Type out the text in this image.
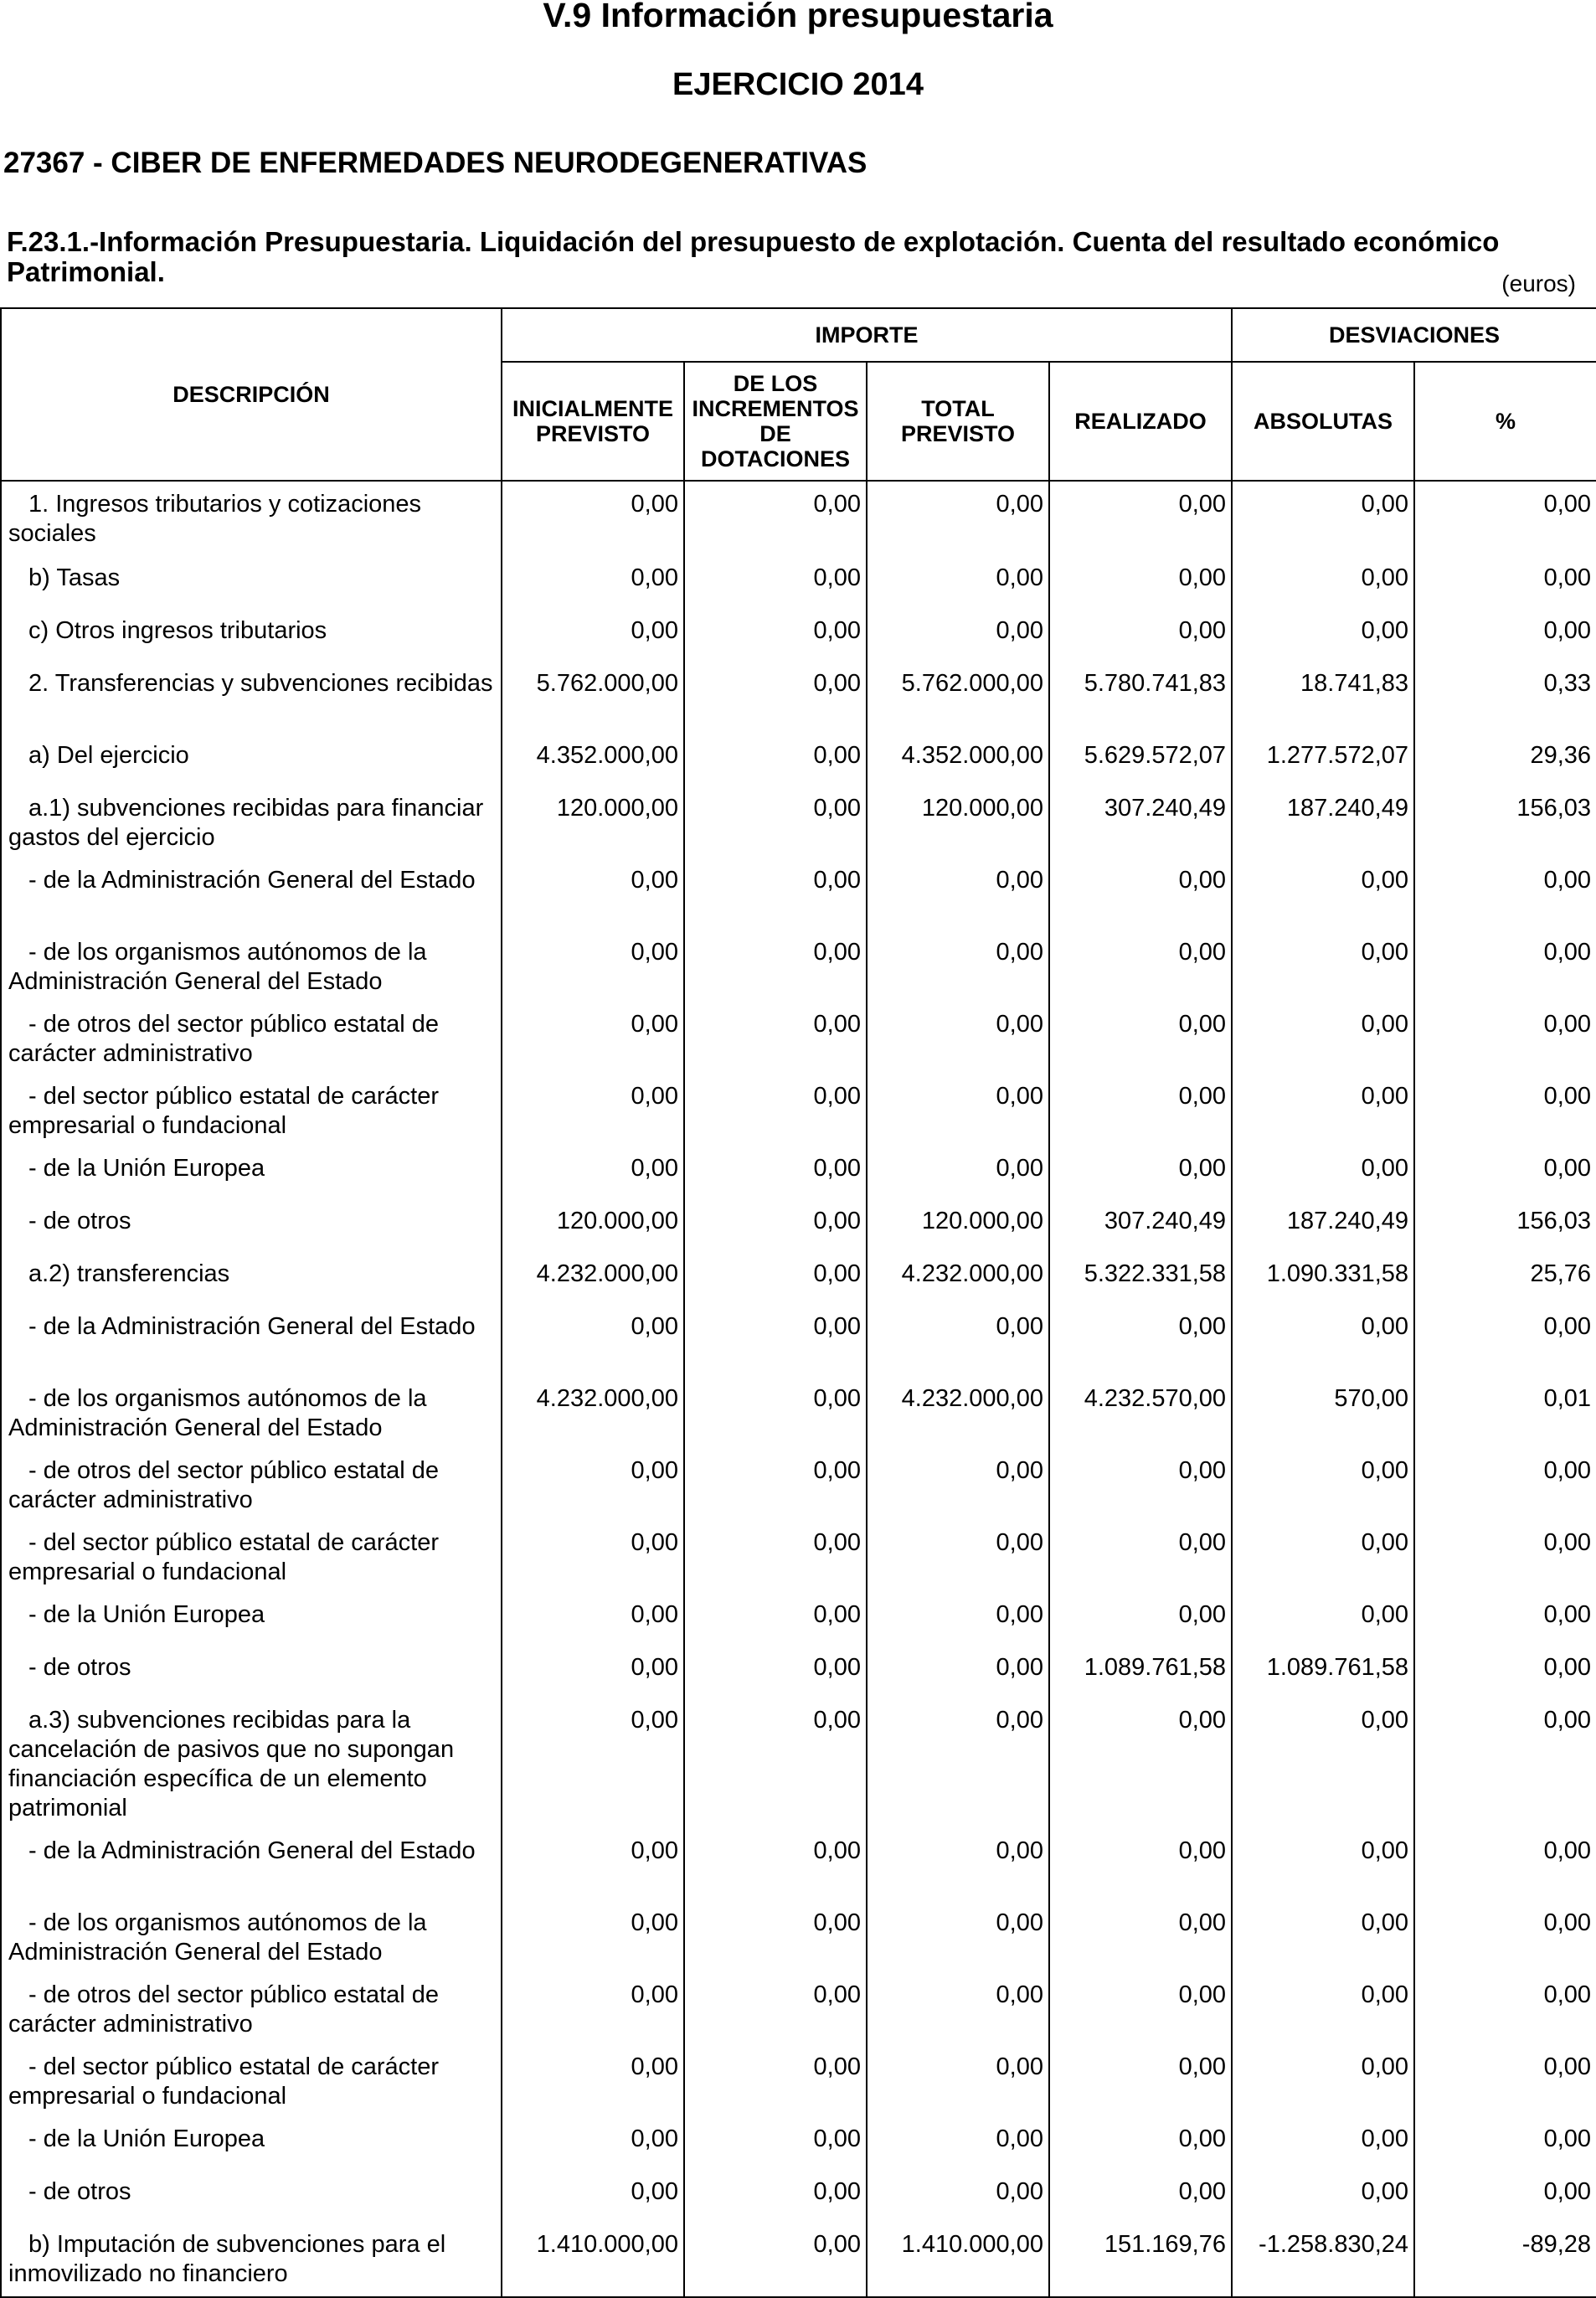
V.9 Información presupuestaria
EJERCICIO 2014
27367 - CIBER DE ENFERMEDADES NEURODEGENERATIVAS
F.23.1.-Información Presupuestaria. Liquidación del presupuesto de explotación. Cuenta del resultado económico Patrimonial.	(euros)
DESCRIPCIÓN	IMPORTE				DESVIACIONES	
	INICIALMENTE PREVISTO	DE LOS INCREMENTOS DE DOTACIONES	TOTAL PREVISTO	REALIZADO	ABSOLUTAS	%

1. Ingresos tributarios y cotizaciones sociales	0,00	0,00	0,00	0,00	0,00	0,00

b) Tasas	0,00	0,00	0,00	0,00	0,00	0,00

c) Otros ingresos tributarios	0,00	0,00	0,00	0,00	0,00	0,00

2. Transferencias y subvenciones recibidas	5.762.000,00	0,00	5.762.000,00	5.780.741,83	18.741,83	0,33

a) Del ejercicio	4.352.000,00	0,00	4.352.000,00	5.629.572,07	1.277.572,07	29,36

a.1) subvenciones recibidas para financiar gastos del ejercicio	120.000,00	0,00	120.000,00	307.240,49	187.240,49	156,03

- de la Administración General del Estado	0,00	0,00	0,00	0,00	0,00	0,00

- de los organismos autónomos de la Administración General del Estado	0,00	0,00	0,00	0,00	0,00	0,00

- de otros del sector público estatal de carácter administrativo	0,00	0,00	0,00	0,00	0,00	0,00

- del sector público estatal de carácter empresarial o fundacional	0,00	0,00	0,00	0,00	0,00	0,00

- de la Unión Europea	0,00	0,00	0,00	0,00	0,00	0,00

- de otros	120.000,00	0,00	120.000,00	307.240,49	187.240,49	156,03

a.2) transferencias	4.232.000,00	0,00	4.232.000,00	5.322.331,58	1.090.331,58	25,76

- de la Administración General del Estado	0,00	0,00	0,00	0,00	0,00	0,00

- de los organismos autónomos de la Administración General del Estado	4.232.000,00	0,00	4.232.000,00	4.232.570,00	570,00	0,01

- de otros del sector público estatal de carácter administrativo	0,00	0,00	0,00	0,00	0,00	0,00

- del sector público estatal de carácter empresarial o fundacional	0,00	0,00	0,00	0,00	0,00	0,00

- de la Unión Europea	0,00	0,00	0,00	0,00	0,00	0,00

- de otros	0,00	0,00	0,00	1.089.761,58	1.089.761,58	0,00

a.3) subvenciones recibidas para la cancelación de pasivos que no supongan financiación específica de un elemento patrimonial	0,00	0,00	0,00	0,00	0,00	0,00

- de la Administración General del Estado	0,00	0,00	0,00	0,00	0,00	0,00

- de los organismos autónomos de la Administración General del Estado	0,00	0,00	0,00	0,00	0,00	0,00

- de otros del sector público estatal de carácter administrativo	0,00	0,00	0,00	0,00	0,00	0,00

- del sector público estatal de carácter empresarial o fundacional	0,00	0,00	0,00	0,00	0,00	0,00

- de la Unión Europea	0,00	0,00	0,00	0,00	0,00	0,00

- de otros	0,00	0,00	0,00	0,00	0,00	0,00

b) Imputación de subvenciones para el inmovilizado no financiero	1.410.000,00	0,00	1.410.000,00	151.169,76	-1.258.830,24	-89,28
